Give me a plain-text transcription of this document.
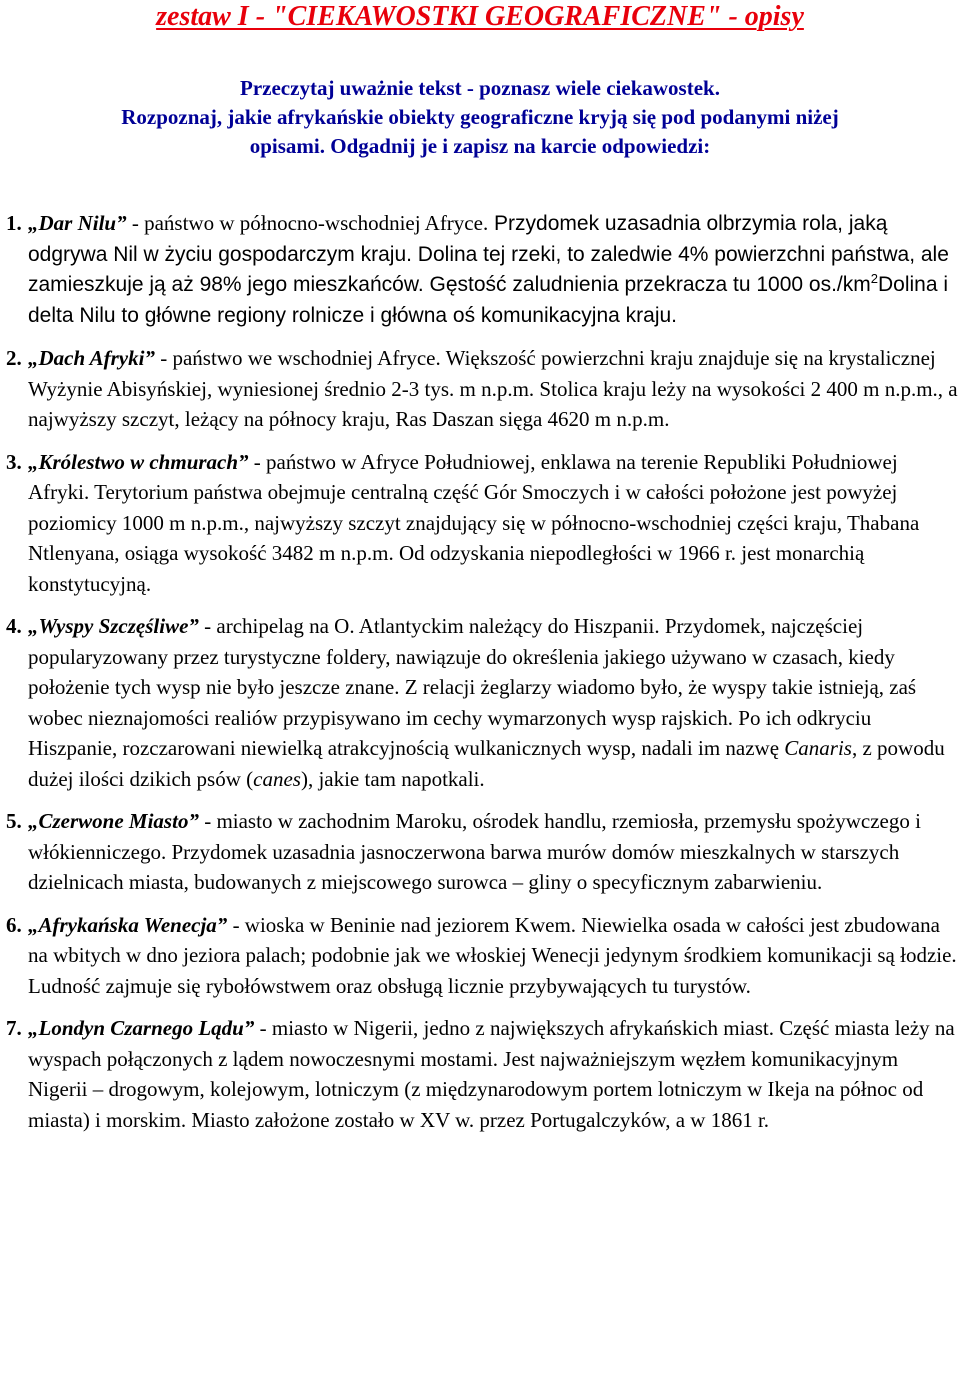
zestaw I - "CIEKAWOSTKI GEOGRAFICZNE" - opisy

Przeczytaj uważnie tekst - poznasz wiele ciekawostek.
Rozpoznaj, jakie afrykańskie obiekty geograficzne kryją się pod podanymi niżej
opisami. Odgadnij je i zapisz na karcie odpowiedzi:

1. „Dar Nilu” - państwo w północno-wschodniej Afryce. Przydomek uzasadnia olbrzymia rola, jaką odgrywa Nil w życiu gospodarczym kraju. Dolina tej rzeki, to zaledwie 4% powierzchni państwa, ale zamieszkuje ją aż 98% jego mieszkańców. Gęstość zaludnienia przekracza tu 1000 $os./km^2Dolina$ i delta Nilu to główne regiony rolnicze i główna oś komunikacyjna kraju.
2. „Dach Afryki” - państwo we wschodniej Afryce. Większość powierzchni kraju znajduje się na krystalicznej Wyżynie Abisyńskiej, wyniesionej średnio 2-3 tys. m n.p.m. Stolica kraju leży na wysokości 2 400 m n.p.m., a najwyższy szczyt, leżący na północy kraju, Ras Daszan sięga 4620 m n.p.m.
3. „Królestwo w chmurach” - państwo w Afryce Południowej, enklawa na terenie Republiki Południowej Afryki. Terytorium państwa obejmuje centralną część Gór Smoczych i w całości położone jest powyżej poziomicy 1000 m n.p.m., najwyższy szczyt znajdujący się w północno-wschodniej części kraju, Thabana Ntlenyana, osiąga wysokość 3482 m n.p.m. Od odzyskania niepodległości w 1966 r. jest monarchią konstytucyjną.
4. „Wyspy Szczęśliwe” - archipelag na O. Atlantyckim należący do Hiszpanii. Przydomek, najczęściej popularyzowany przez turystyczne foldery, nawiązuje do określenia jakiego używano w czasach, kiedy położenie tych wysp nie było jeszcze znane. Z relacji żeglarzy wiadomo było, że wyspy takie istnieją, zaś wobec nieznajomości realiów przypisywano im cechy wymarzonych wysp rajskich. Po ich odkryciu Hiszpanie, rozczarowani niewielką atrakcyjnością wulkanicznych wysp, nadali im nazwę Canaris, z powodu dużej ilości dzikich psów (canes), jakie tam napotkali.
5. „Czerwone Miasto” - miasto w zachodnim Maroku, ośrodek handlu, rzemiosła, przemysłu spożywczego i włókienniczego. Przydomek uzasadnia jasnoczerwona barwa murów domów mieszkalnych w starszych dzielnicach miasta, budowanych z miejscowego surowca – gliny o specyficznym zabarwieniu.
6. „Afrykańska Wenecja” - wioska w Beninie nad jeziorem Kwem. Niewielka osada w całości jest zbudowana na wbitych w dno jeziora palach; podobnie jak we włoskiej Wenecji jedynym środkiem komunikacji są łodzie. Ludność zajmuje się rybołówstwem oraz obsługą licznie przybywających tu turystów.
7. „Londyn Czarnego Lądu” - miasto w Nigerii, jedno z największych afrykańskich miast. Część miasta leży na wyspach połączonych z lądem nowoczesnymi mostami. Jest najważniejszym węzłem komunikacyjnym Nigerii – drogowym, kolejowym, lotniczym (z międzynarodowym portem lotniczym w Ikeja na północ od miasta) i morskim. Miasto założone zostało w XV w. przez Portugalczyków, a w 1861 r.
